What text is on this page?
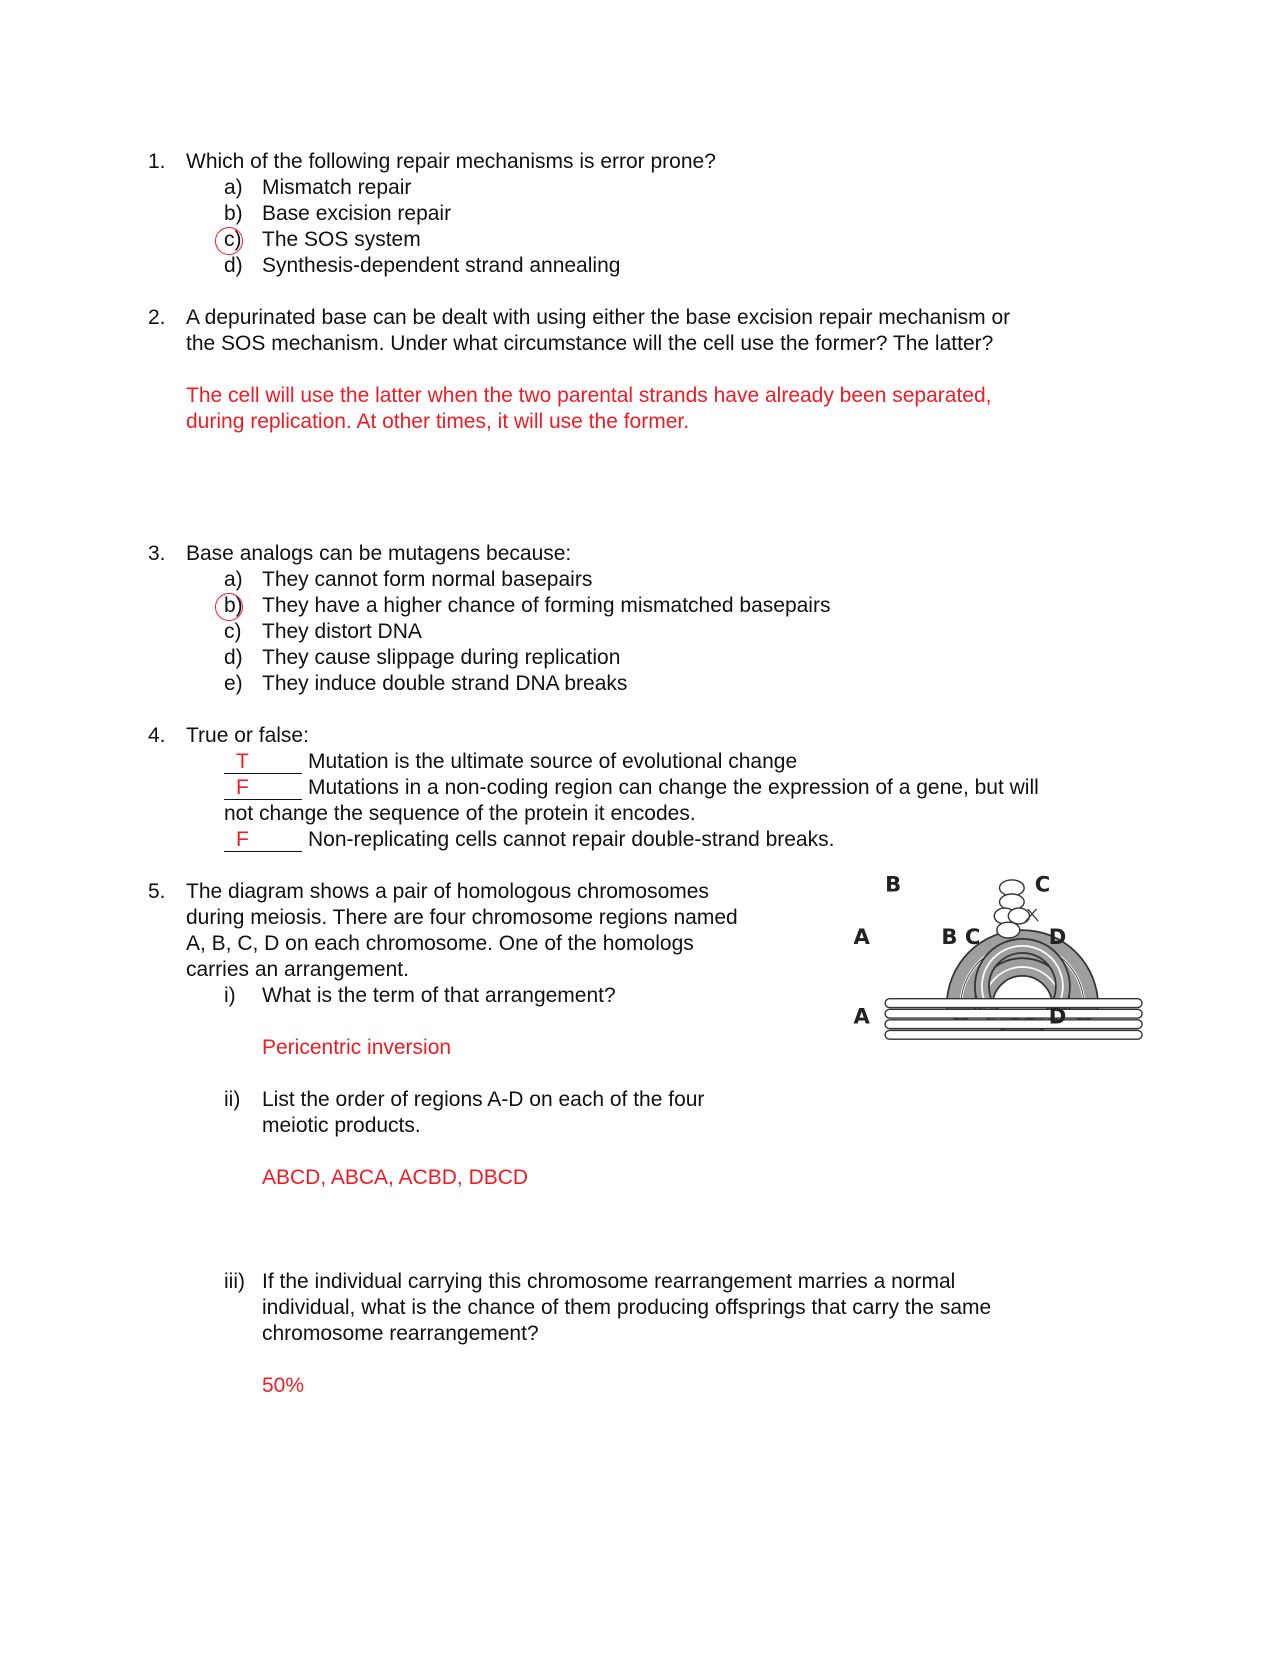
1. Which of the following repair mechanisms is error prone?
a) Mismatch repair
b) Base excision repair
c) The SOS system
d) Synthesis-dependent strand annealing
2. A depurinated base can be dealt with using either the base excision repair mechanism or
the SOS mechanism. Under what circumstance will the cell use the former? The latter?
The cell will use the latter when the two parental strands have already been separated,
during replication. At other times, it will use the former.
3. Base analogs can be mutagens because:
a) They cannot form normal basepairs
b) They have a higher chance of forming mismatched basepairs
c) They distort DNA
d) They cause slippage during replication
e) They induce double strand DNA breaks
4. True or false:
T	Mutation is the ultimate source of evolutional change
F	Mutations in a non-coding region can change the expression of a gene, but will
not change the sequence of the protein it encodes.
F	Non-replicating cells cannot repair double-strand breaks.
5. The diagram shows a pair of homologous chromosomes
during meiosis. There are four chromosome regions named
A, B, C, D on each chromosome. One of the homologs
carries an arrangement.
i) What is the term of that arrangement?
Pericentric inversion
ii) List the order of regions A-D on each of the four
meiotic products.
ABCD, ABCA, ACBD, DBCD
iii) If the individual carrying this chromosome rearrangement marries a normal
individual, what is the chance of them producing offsprings that carry the same
chromosome rearrangement?
50%
B	C
A	D
B C
A	D
